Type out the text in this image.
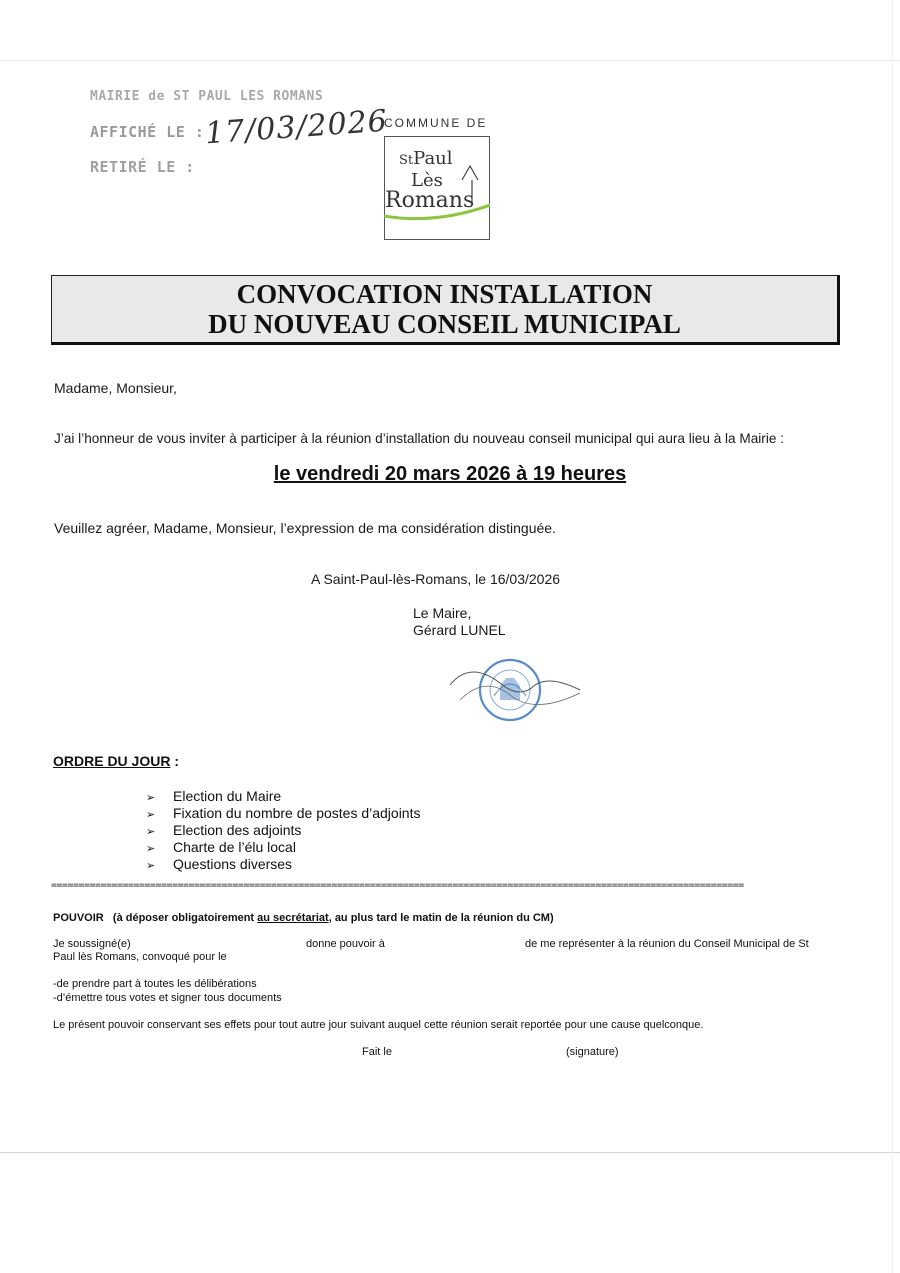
MAIRIE de ST PAUL LES ROMANS
AFFICHÉ LE : 17/03/2026
RETIRÉ LE :
COMMUNE DE
StPaul
Lès
Romans
CONVOCATION INSTALLATION
DU NOUVEAU CONSEIL MUNICIPAL
Madame, Monsieur,
J’ai l’honneur de vous inviter à participer à la réunion d’installation du nouveau conseil municipal qui aura lieu à la Mairie :
le vendredi 20 mars 2026 à 19 heures
Veuillez agréer, Madame, Monsieur, l’expression de ma considération distinguée.
A Saint-Paul-lès-Romans, le 16/03/2026
Le Maire,
Gérard LUNEL
ORDRE DU JOUR :
➢ Election du Maire
➢ Fixation du nombre de postes d’adjoints
➢ Election des adjoints
➢ Charte de l’élu local
➢ Questions diverses
==============================================================================================================================
POUVOIR (à déposer obligatoirement au secrétariat, au plus tard le matin de la réunion du CM)
Je soussigné(e)	donne pouvoir à	de me représenter à la réunion du Conseil Municipal de St
Paul lès Romans, convoqué pour le
-de prendre part à toutes les délibérations
-d’émettre tous votes et signer tous documents
Le présent pouvoir conservant ses effets pour tout autre jour suivant auquel cette réunion serait reportée pour une cause quelconque.
Fait le	(signature)
